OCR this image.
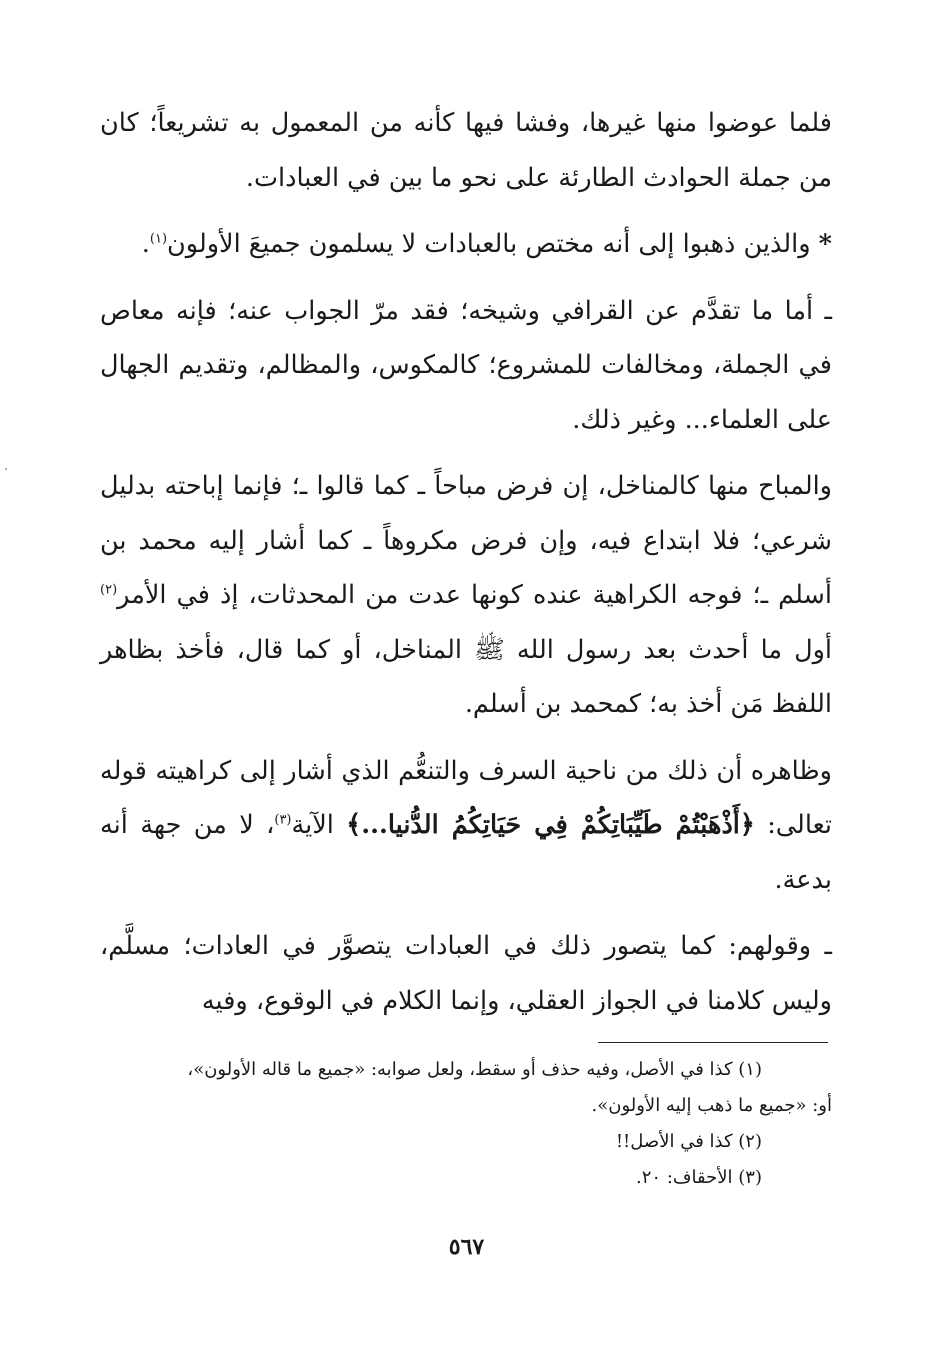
فلما عوضوا منها غيرها، وفشا فيها كأنه من المعمول به تشريعاً؛ كان من جملة الحوادث الطارئة على نحو ما بين في العبادات.

* والذين ذهبوا إلى أنه مختص بالعبادات لا يسلمون جميعَ الأولون$^{(١)}$.

ـ أما ما تقدَّم عن القرافي وشيخه؛ فقد مرّ الجواب عنه؛ فإنه معاص في الجملة، ومخالفات للمشروع؛ كالمكوس، والمظالم، وتقديم الجهال على العلماء... وغير ذلك.

والمباح منها كالمناخل، إن فرض مباحاً ـ كما قالوا ـ؛ فإنما إباحته بدليل شرعي؛ فلا ابتداع فيه، وإن فرض مكروهاً ـ كما أشار إليه محمد بن أسلم ـ؛ فوجه الكراهية عنده كونها عدت من المحدثات، إذ في الأمر$^{(٢)}$ أول ما أحدث بعد رسول الله ﷺ المناخل، أو كما قال، فأخذ بظاهر اللفظ مَن أخذ به؛ كمحمد بن أسلم.

وظاهره أن ذلك من ناحية السرف والتنعُّم الذي أشار إلى كراهيته قوله تعالى: ﴿أَذْهَبْتُمْ طَيِّبَاتِكُمْ فِي حَيَاتِكُمُ الدُّنيا...﴾ الآية$^{(٣)}$، لا من جهة أنه بدعة.

ـ وقولهم: كما يتصور ذلك في العبادات يتصوَّر في العادات؛ مسلَّم، وليس كلامنا في الجواز العقلي، وإنما الكلام في الوقوع، وفيه

(١) كذا في الأصل، وفيه حذف أو سقط، ولعل صوابه: «جميع ما قاله الأولون»،

أو: «جميع ما ذهب إليه الأولون».

(٢) كذا في الأصل!!

(٣) الأحقاف: ٢٠.

٥٦٧
